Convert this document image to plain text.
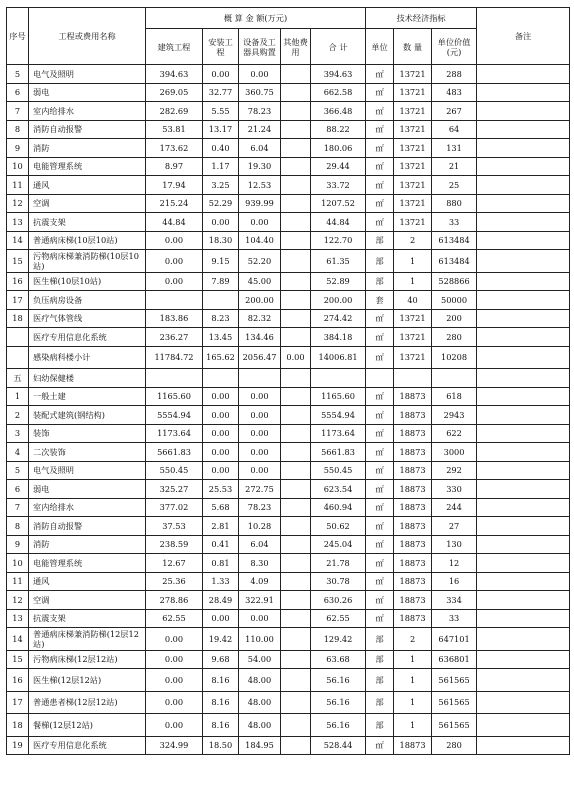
序号	工程或费用名称	概 算 金 额(万元)					技术经济指标			备注
		建筑工程	安装工程	设备及工器具购置	其他费用	合 计	单位	数 量	单位价值(元)	
5	电气及照明	394.63	0.00	0.00		394.63	㎡	13721	288	
6	弱电	269.05	32.77	360.75		662.58	㎡	13721	483	
7	室内给排水	282.69	5.55	78.23		366.48	㎡	13721	267	
8	消防自动报警	53.81	13.17	21.24		88.22	㎡	13721	64	
9	消防	173.62	0.40	6.04		180.06	㎡	13721	131	
10	电能管理系统	8.97	1.17	19.30		29.44	㎡	13721	21	
11	通风	17.94	3.25	12.53		33.72	㎡	13721	25	
12	空调	215.24	52.29	939.99		1207.52	㎡	13721	880	
13	抗震支架	44.84	0.00	0.00		44.84	㎡	13721	33	
14	普通病床梯(10层10站)	0.00	18.30	104.40		122.70	部	2	613484	
15	污物病床梯兼消防梯(10层10站)	0.00	9.15	52.20		61.35	部	1	613484	
16	医生梯(10层10站)	0.00	7.89	45.00		52.89	部	1	528866	
17	负压病房设备			200.00		200.00	套	40	50000	
18	医疗气体管线	183.86	8.23	82.32		274.42	㎡	13721	200	
	医疗专用信息化系统	236.27	13.45	134.46		384.18	㎡	13721	280	
	感染病科楼小计	11784.72	165.62	2056.47	0.00	14006.81	㎡	13721	10208	
五	妇幼保健楼									
1	一般土建	1165.60	0.00	0.00		1165.60	㎡	18873	618	
2	装配式建筑(钢结构)	5554.94	0.00	0.00		5554.94	㎡	18873	2943	
3	装饰	1173.64	0.00	0.00		1173.64	㎡	18873	622	
4	二次装饰	5661.83	0.00	0.00		5661.83	㎡	18873	3000	
5	电气及照明	550.45	0.00	0.00		550.45	㎡	18873	292	
6	弱电	325.27	25.53	272.75		623.54	㎡	18873	330	
7	室内给排水	377.02	5.68	78.23		460.94	㎡	18873	244	
8	消防自动报警	37.53	2.81	10.28		50.62	㎡	18873	27	
9	消防	238.59	0.41	6.04		245.04	㎡	18873	130	
10	电能管理系统	12.67	0.81	8.30		21.78	㎡	18873	12	
11	通风	25.36	1.33	4.09		30.78	㎡	18873	16	
12	空调	278.86	28.49	322.91		630.26	㎡	18873	334	
13	抗震支架	62.55	0.00	0.00		62.55	㎡	18873	33	
14	普通病床梯兼消防梯(12层12站)	0.00	19.42	110.00		129.42	部	2	647101	
15	污物病床梯(12层12站)	0.00	9.68	54.00		63.68	部	1	636801	
16	医生梯(12层12站)	0.00	8.16	48.00		56.16	部	1	561565	
17	普通患者梯(12层12站)	0.00	8.16	48.00		56.16	部	1	561565	
18	餐梯(12层12站)	0.00	8.16	48.00		56.16	部	1	561565	
19	医疗专用信息化系统	324.99	18.50	184.95		528.44	㎡	18873	280	
